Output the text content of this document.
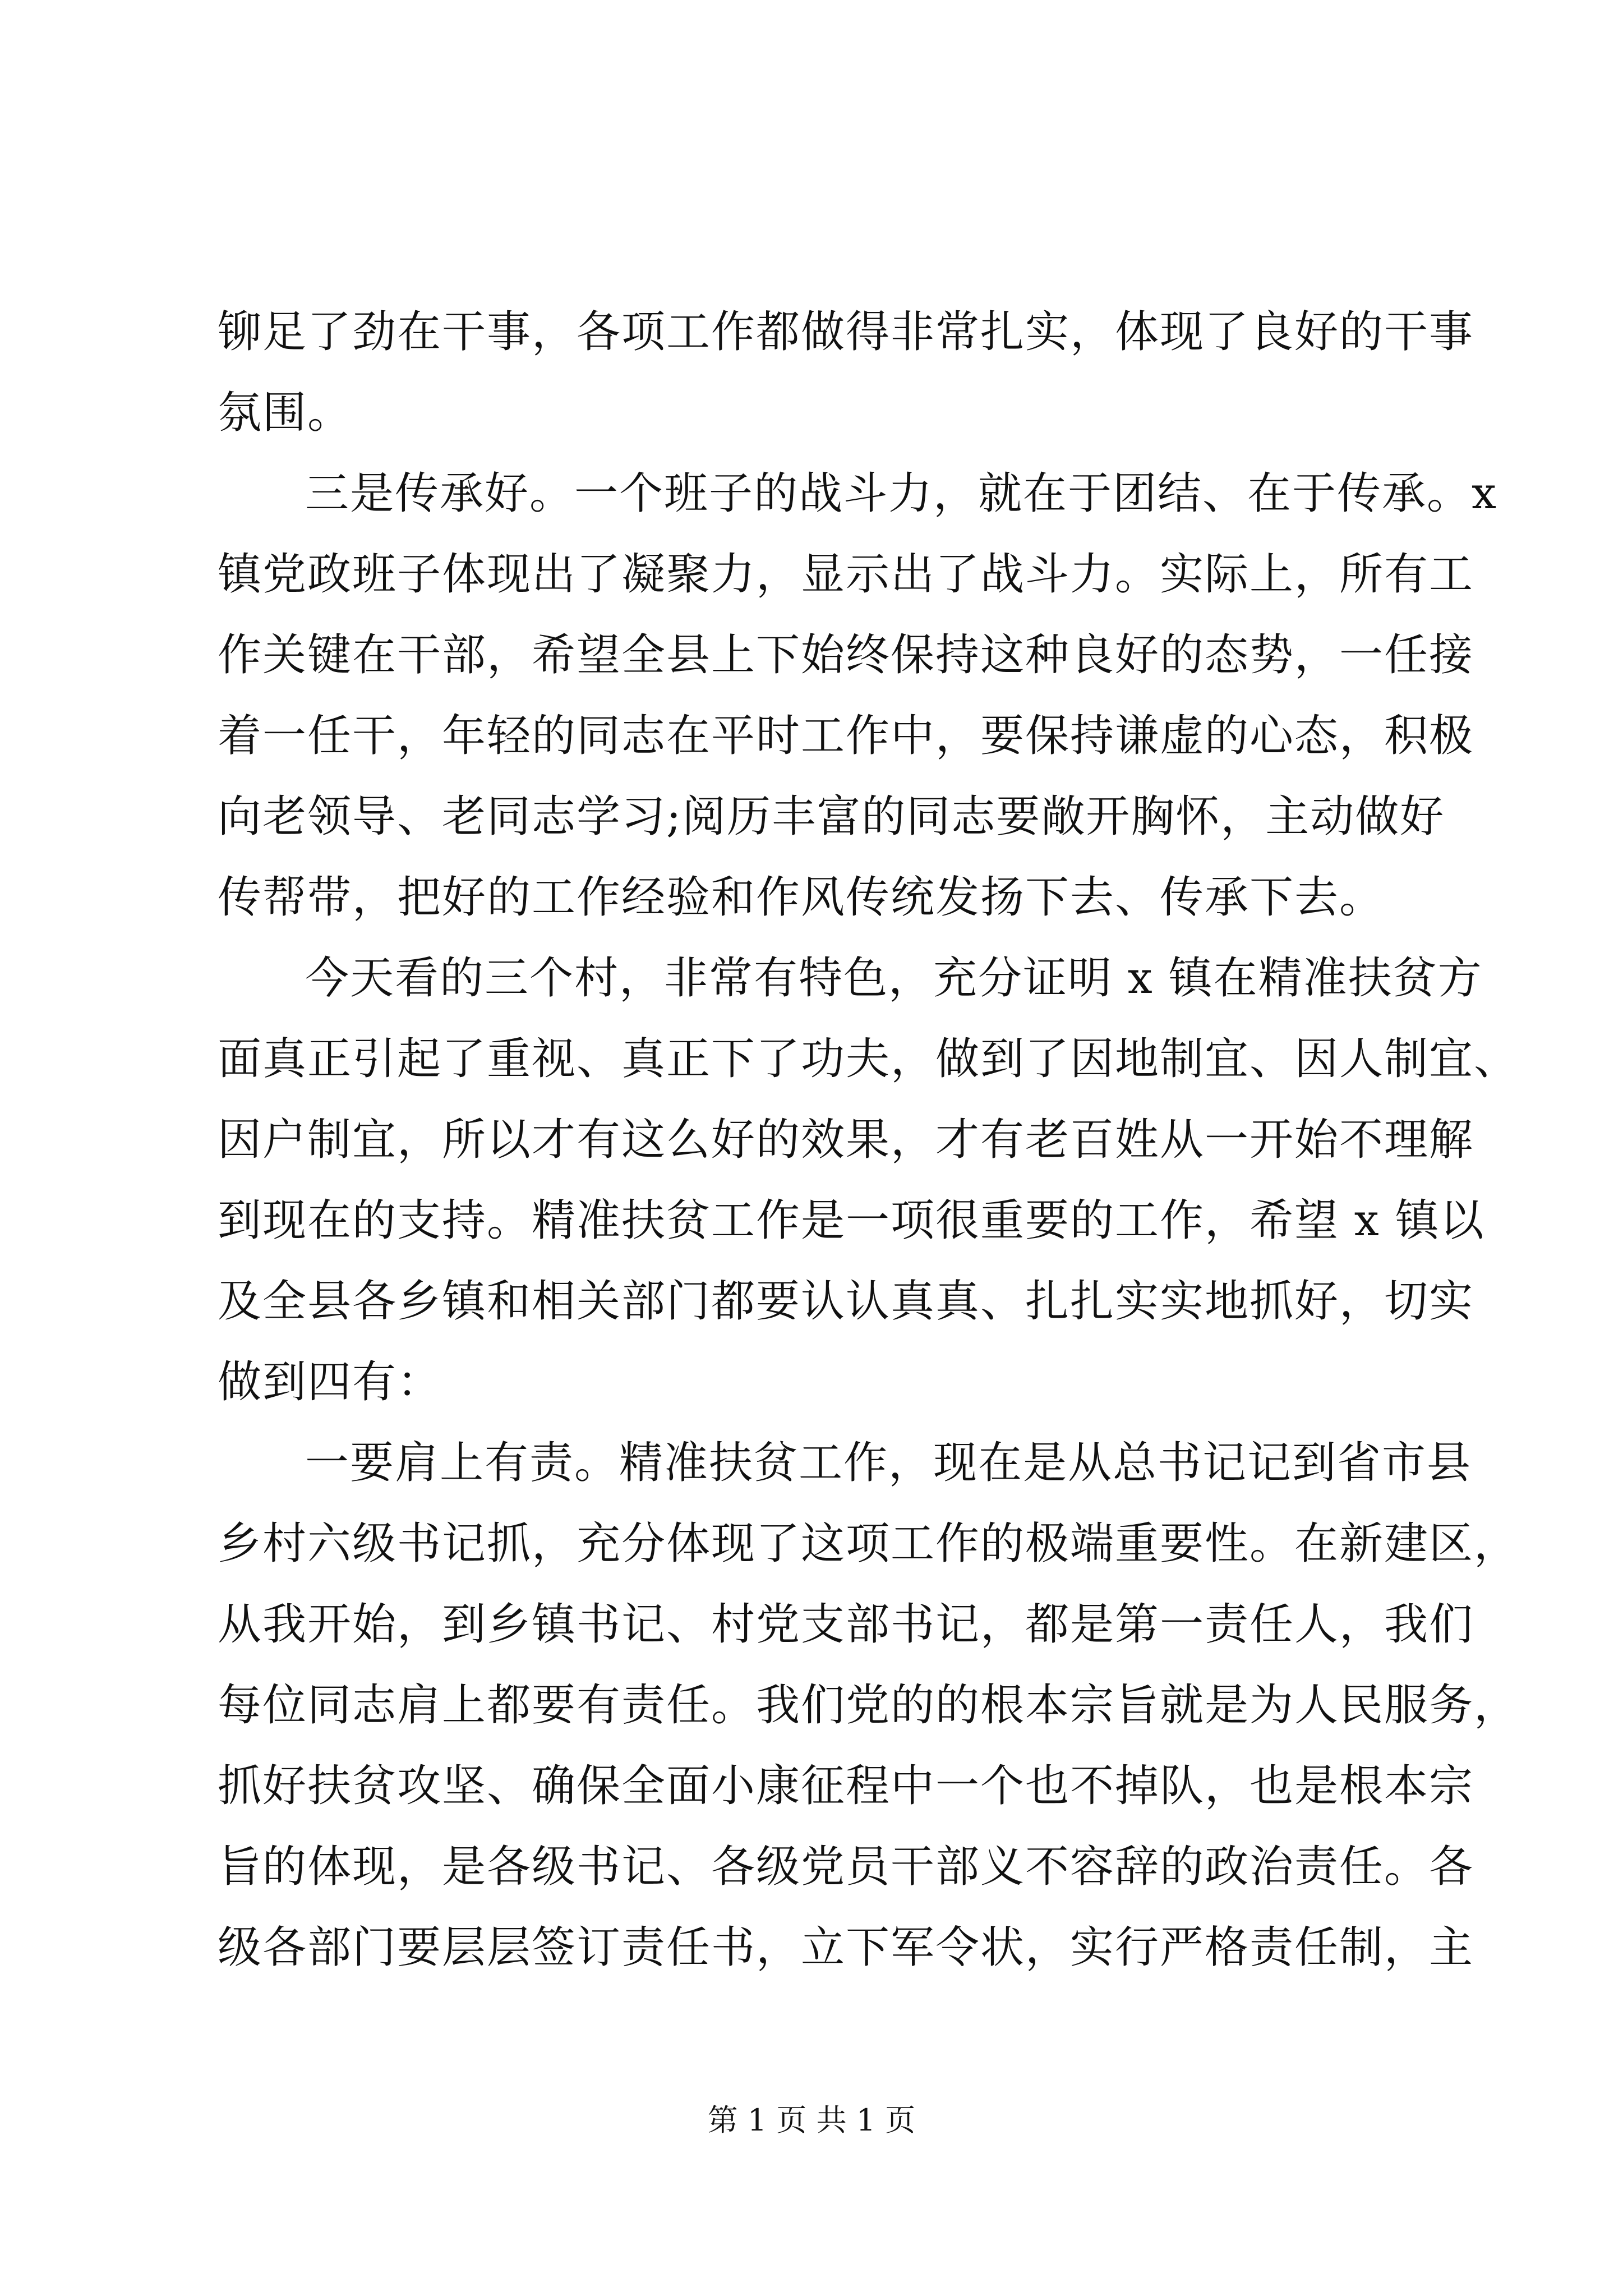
铆足了劲在干事，各项工作都做得非常扎实，体现了良好的干事
氛围。
三是传承好。一个班子的战斗力，就在于团结、在于传承。x
镇党政班子体现出了凝聚力，显示出了战斗力。实际上，所有工
作关键在干部，希望全县上下始终保持这种良好的态势，一任接
着一任干，年轻的同志在平时工作中，要保持谦虚的心态，积极
向老领导、老同志学习;阅历丰富的同志要敞开胸怀，主动做好
传帮带，把好的工作经验和作风传统发扬下去、传承下去。
今天看的三个村，非常有特色，充分证明 x 镇在精准扶贫方
面真正引起了重视、真正下了功夫，做到了因地制宜、因人制宜、
因户制宜，所以才有这么好的效果，才有老百姓从一开始不理解
到现在的支持。精准扶贫工作是一项很重要的工作，希望 x 镇以
及全县各乡镇和相关部门都要认认真真、扎扎实实地抓好，切实
做到四有：
一要肩上有责。精准扶贫工作，现在是从总书记记到省市县
乡村六级书记抓，充分体现了这项工作的极端重要性。在新建区，
从我开始，到乡镇书记、村党支部书记，都是第一责任人，我们
每位同志肩上都要有责任。我们党的的根本宗旨就是为人民服务，
抓好扶贫攻坚、确保全面小康征程中一个也不掉队，也是根本宗
旨的体现，是各级书记、各级党员干部义不容辞的政治责任。各
级各部门要层层签订责任书，立下军令状，实行严格责任制，主
第 1 页 共 1 页
